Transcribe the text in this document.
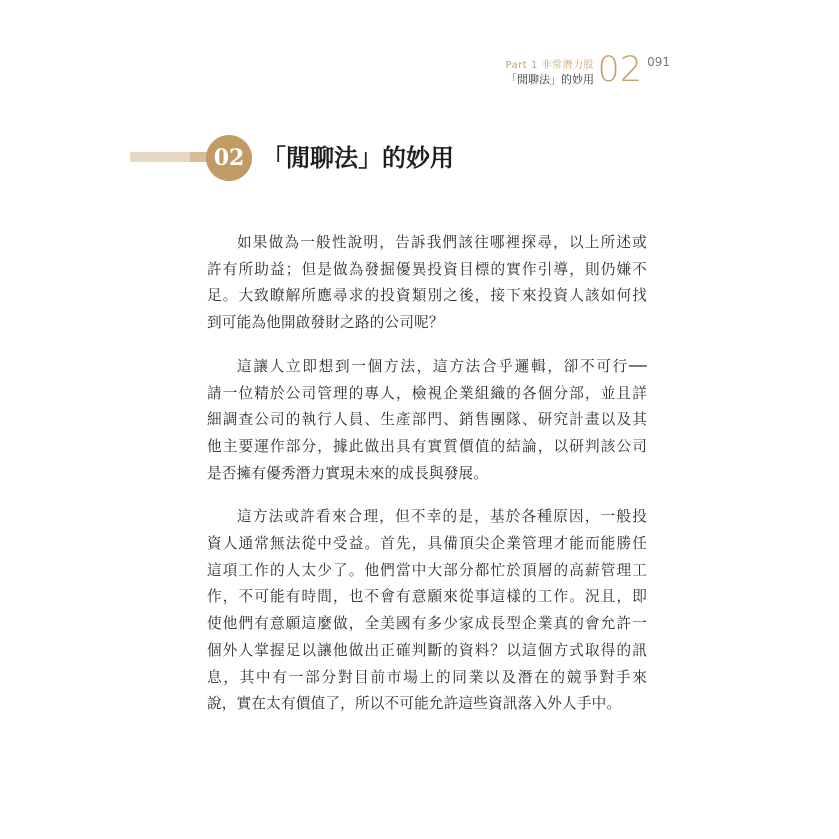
Part 1 非常潛力股
「閒聊法」的妙用 02 091
02 「閒聊法」的妙用

如果做為一般性說明，告訴我們該往哪裡探尋，以上所述或
許有所助益；但是做為發掘優異投資目標的實作引導，則仍嫌不
足。大致瞭解所應尋求的投資類別之後，接下來投資人該如何找
到可能為他開啟發財之路的公司呢？

這讓人立即想到一個方法，這方法合乎邏輯，卻不可行──
請一位精於公司管理的專人，檢視企業組織的各個分部，並且詳
細調查公司的執行人員、生產部門、銷售團隊、研究計畫以及其
他主要運作部分，據此做出具有實質價值的結論，以研判該公司
是否擁有優秀潛力實現未來的成長與發展。

這方法或許看來合理，但不幸的是，基於各種原因，一般投
資人通常無法從中受益。首先，具備頂尖企業管理才能而能勝任
這項工作的人太少了。他們當中大部分都忙於頂層的高薪管理工
作，不可能有時間，也不會有意願來從事這樣的工作。況且，即
使他們有意願這麼做，全美國有多少家成長型企業真的會允許一
個外人掌握足以讓他做出正確判斷的資料？以這個方式取得的訊
息，其中有一部分對目前市場上的同業以及潛在的競爭對手來
說，實在太有價值了，所以不可能允許這些資訊落入外人手中。
